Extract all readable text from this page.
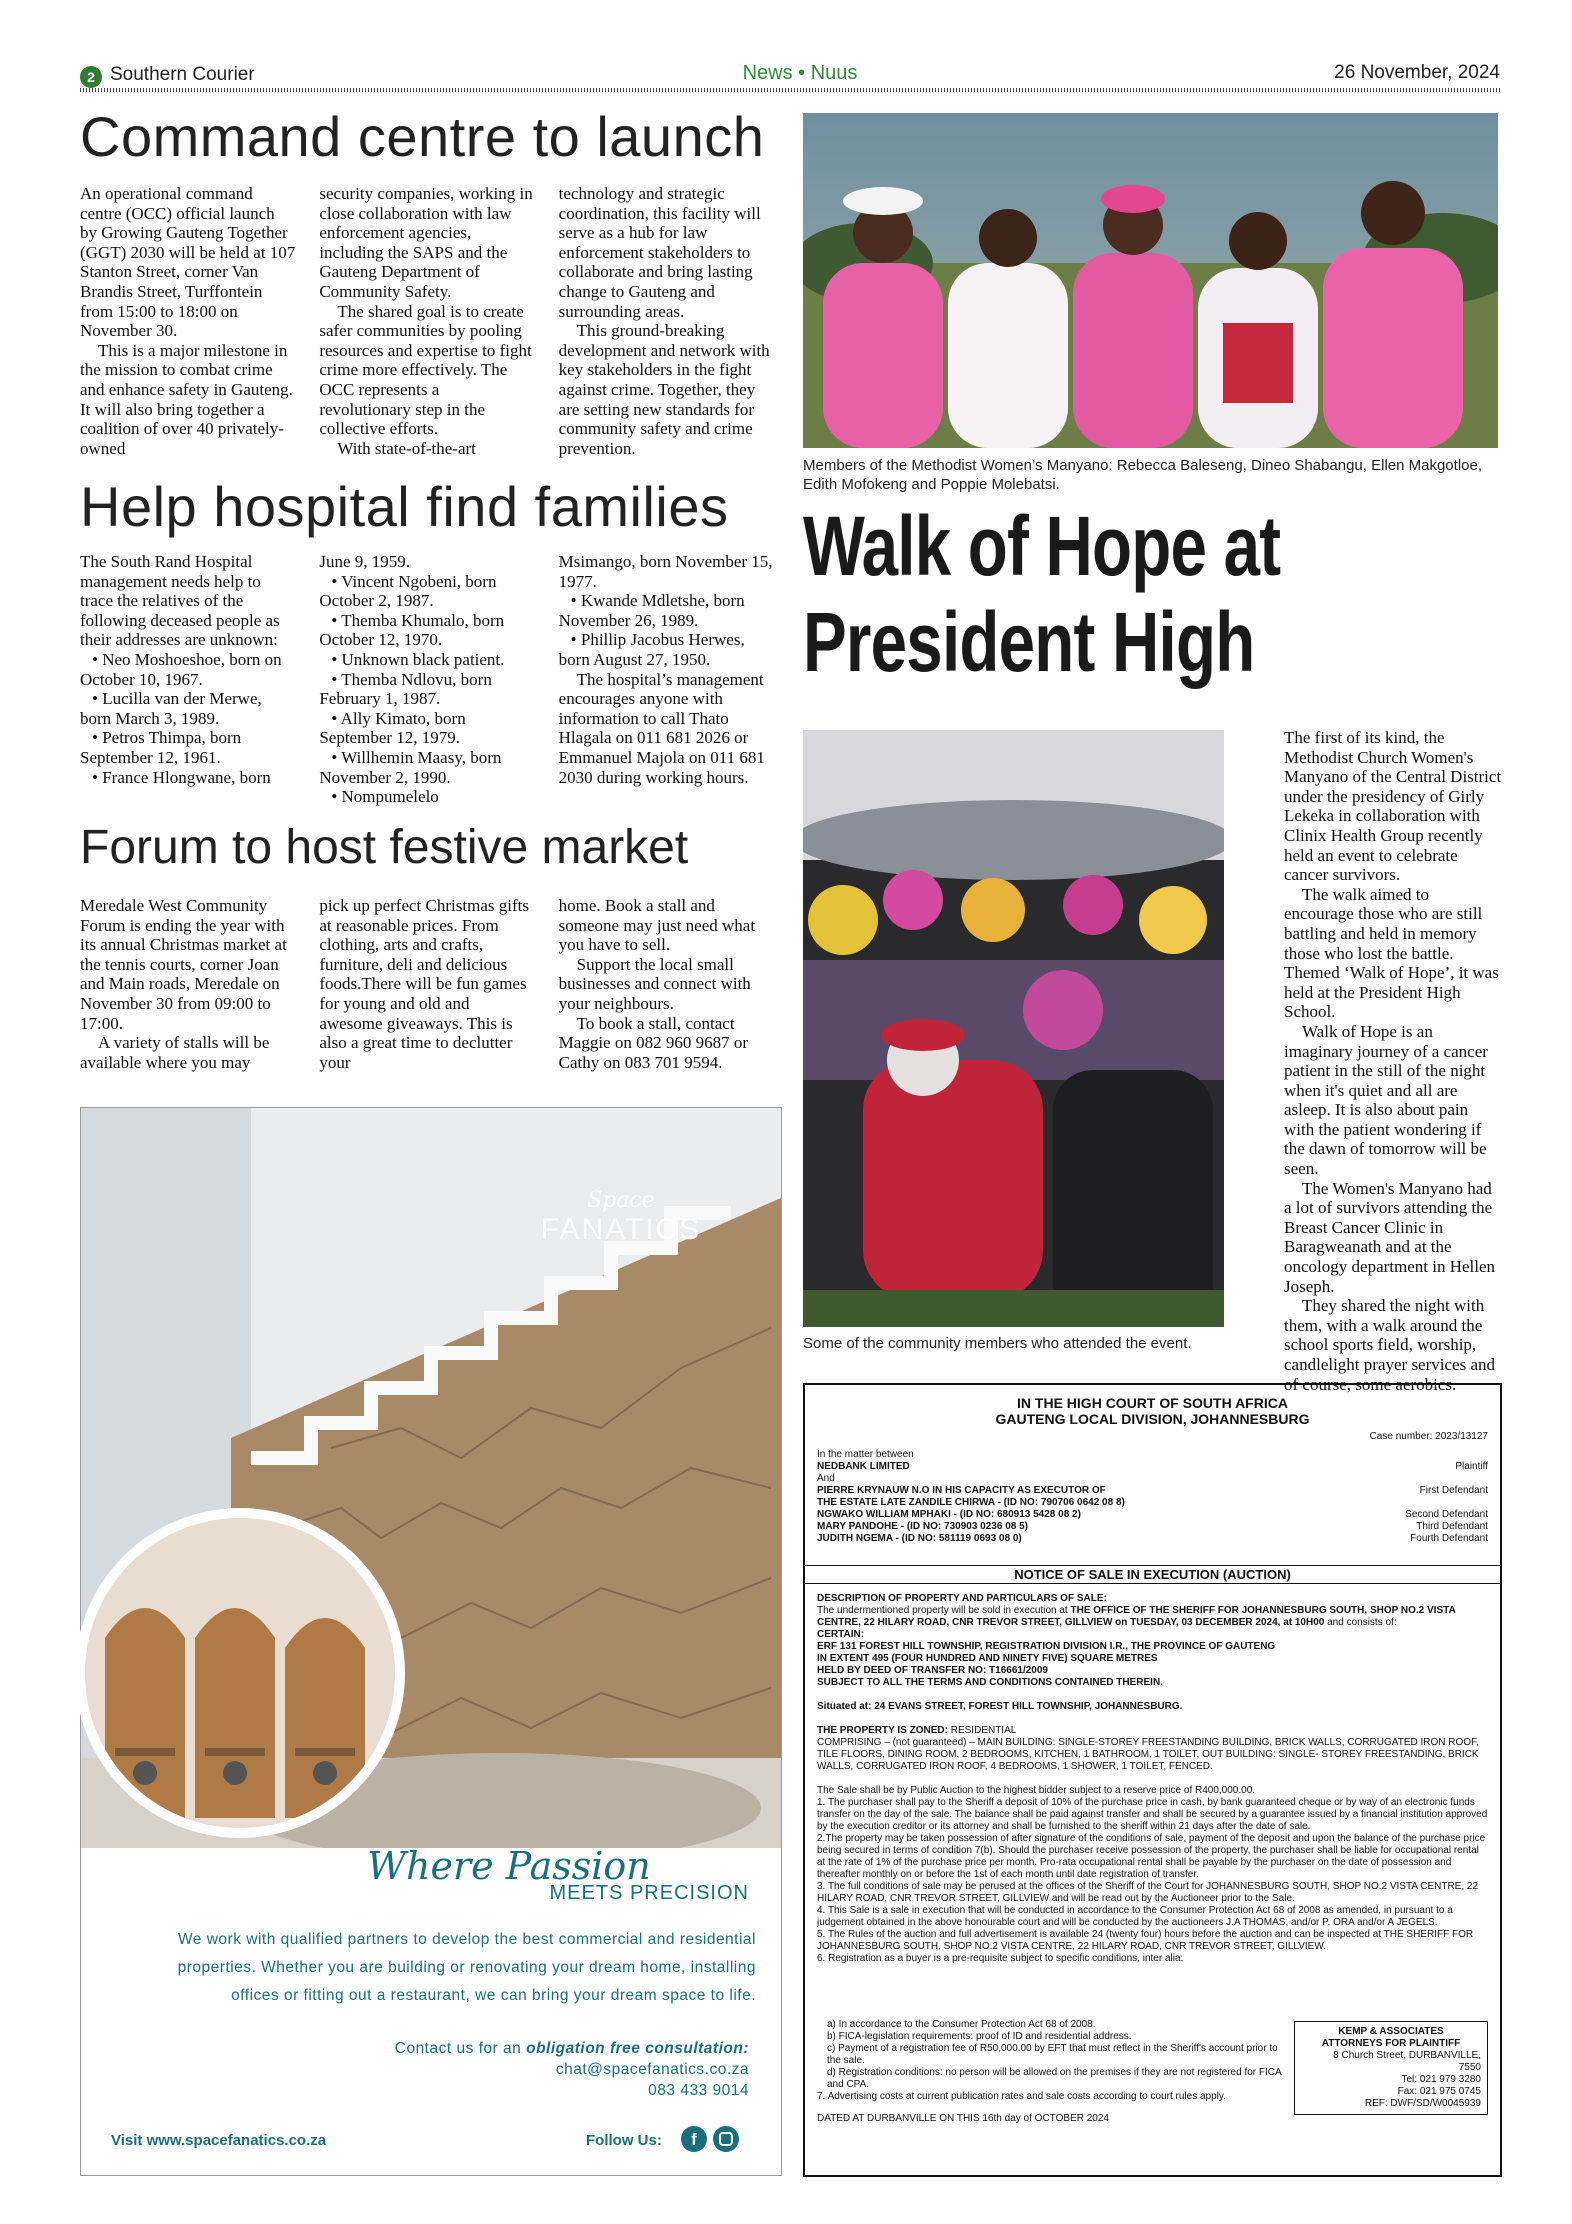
2 Southern Courier	News • Nuus	26 November, 2024
Command centre to launch

An operational command centre (OCC) official launch by Growing Gauteng Together (GGT) 2030 will be held at 107 Stanton Street, corner Van Brandis Street, Turffontein from 15:00 to 18:00 on November 30.

This is a major milestone in the mission to combat crime and enhance safety in Gauteng. It will also bring together a coalition of over 40 privately-owned

security companies, working in close collaboration with law enforcement agencies, including the SAPS and the Gauteng Department of Community Safety.

The shared goal is to create safer communities by pooling resources and expertise to fight crime more effectively. The OCC represents a revolutionary step in the collective efforts.

With state-of-the-art

technology and strategic coordination, this facility will serve as a hub for law enforcement stakeholders to collaborate and bring lasting change to Gauteng and surrounding areas.

This ground-breaking development and network with key stakeholders in the fight against crime. Together, they are setting new standards for community safety and crime prevention.

Help hospital find families

The South Rand Hospital management needs help to trace the relatives of the following deceased people as their addresses are unknown:

• Neo Moshoeshoe, born on October 10, 1967.

• Lucilla van der Merwe, born March 3, 1989.

• Petros Thimpa, born September 12, 1961.

• France Hlongwane, born

June 9, 1959.

• Vincent Ngobeni, born October 2, 1987.

• Themba Khumalo, born October 12, 1970.

• Unknown black patient.

• Themba Ndlovu, born February 1, 1987.

• Ally Kimato, born September 12, 1979.

• Willhemin Maasy, born November 2, 1990.

• Nompumelelo

Msimango, born November 15, 1977.

• Kwande Mdletshe, born November 26, 1989.

• Phillip Jacobus Herwes, born August 27, 1950.

The hospital’s management encourages anyone with information to call Thato Hlagala on 011 681 2026 or Emmanuel Majola on 011 681 2030 during working hours.

Forum to host festive market

Meredale West Community Forum is ending the year with its annual Christmas market at the tennis courts, corner Joan and Main roads, Meredale on November 30 from 09:00 to 17:00.

A variety of stalls will be available where you may

pick up perfect Christmas gifts at reasonable prices. From clothing, arts and crafts, furniture, deli and delicious foods.There will be fun games for young and old and awesome giveaways. This is also a great time to declutter your

home. Book a stall and someone may just need what you have to sell.

Support the local small businesses and connect with your neighbours.

To book a stall, contact Maggie on 082 960 9687 or Cathy on 083 701 9594.

Members of the Methodist Women’s Manyano: Rebecca Baleseng, Dineo Shabangu, Ellen Makgotloe, Edith Mofokeng and Poppie Molebatsi.
Walk of Hope at
President High
Some of the community members who attended the event.

The first of its kind, the Methodist Church Women's Manyano of the Central District under the presidency of Girly Lekeka in collaboration with Clinix Health Group recently held an event to celebrate cancer survivors.

The walk aimed to encourage those who are still battling and held in memory those who lost the battle. Themed ‘Walk of Hope’, it was held at the President High School.

Walk of Hope is an imaginary journey of a cancer patient in the still of the night when it's quiet and all are asleep. It is also about pain with the patient wondering if the dawn of tomorrow will be seen.

The Women's Manyano had a lot of survivors attending the Breast Cancer Clinic in Baragweanath and at the oncology department in Hellen Joseph.

They shared the night with them, with a walk around the school sports field, worship, candlelight prayer services and of course, some aerobics.

Space
FANATICS
Where Passion
MEETS PRECISION
We work with qualified partners to develop the best commercial and residential properties. Whether you are building or renovating your dream home, installing offices or fitting out a restaurant, we can bring your dream space to life.
Contact us for an obligation free consultation:
chat@spacefanatics.co.za
083 433 9014
Visit www.spacefanatics.co.za	Follow Us:	f
IN THE HIGH COURT OF SOUTH AFRICA
GAUTENG LOCAL DIVISION, JOHANNESBURG
Case number: 2023/13127
In the matter between
NEDBANK LIMITED	Plaintiff
And
PIERRE KRYNAUW N.O IN HIS CAPACITY AS EXECUTOR OF	First Defendant
THE ESTATE LATE ZANDILE CHIRWA - (ID NO: 790706 0642 08 8)
NGWAKO WILLIAM MPHAKI - (ID NO: 680913 5428 08 2)	Second Defendant
MARY PANDOHE - (ID NO: 730903 0236 08 5)	Third Defendant
JUDITH NGEMA - (ID NO: 581119 0693 08 0)	Fourth Defendant
NOTICE OF SALE IN EXECUTION (AUCTION)
DESCRIPTION OF PROPERTY AND PARTICULARS OF SALE:
The undermentioned property will be sold in execution at THE OFFICE OF THE SHERIFF FOR JOHANNESBURG SOUTH, SHOP NO.2 VISTA CENTRE, 22 HILARY ROAD, CNR TREVOR STREET, GILLVIEW on TUESDAY, 03 DECEMBER 2024, at 10H00 and consists of:
CERTAIN:
ERF 131 FOREST HILL TOWNSHIP, REGISTRATION DIVISION I.R., THE PROVINCE OF GAUTENG
IN EXTENT 495 (FOUR HUNDRED AND NINETY FIVE) SQUARE METRES
HELD BY DEED OF TRANSFER NO: T16661/2009
SUBJECT TO ALL THE TERMS AND CONDITIONS CONTAINED THEREIN.
Situated at: 24 EVANS STREET, FOREST HILL TOWNSHIP, JOHANNESBURG.
THE PROPERTY IS ZONED: RESIDENTIAL
COMPRISING – (not guaranteed) – MAIN BUILDING: SINGLE-STOREY FREESTANDING BUILDING, BRICK WALLS, CORRUGATED IRON ROOF, TILE FLOORS, DINING ROOM, 2 BEDROOMS, KITCHEN, 1 BATHROOM, 1 TOILET, OUT BUILDING: SINGLE- STOREY FREESTANDING, BRICK WALLS, CORRUGATED IRON ROOF, 4 BEDROOMS, 1 SHOWER, 1 TOILET, FENCED.
The Sale shall be by Public Auction to the highest bidder subject to a reserve price of R400,000.00.
1. The purchaser shall pay to the Sheriff a deposit of 10% of the purchase price in cash, by bank guaranteed cheque or by way of an electronic funds transfer on the day of the sale. The balance shall be paid against transfer and shall be secured by a guarantee issued by a financial institution approved by the execution creditor or its attorney and shall be furnished to the sheriff within 21 days after the date of sale.
2.The property may be taken possession of after signature of the conditions of sale, payment of the deposit and upon the balance of the purchase price being secured in terms of condition 7(b). Should the purchaser receive possession of the property, the purchaser shall be liable for occupational rental at the rate of 1% of the purchase price per month. Pro-rata occupational rental shall be payable by the purchaser on the date of possession and thereafter monthly on or before the 1st of each month until date registration of transfer.
3. The full conditions of sale may be perused at the offices of the Sheriff of the Court for JOHANNESBURG SOUTH, SHOP NO.2 VISTA CENTRE, 22 HILARY ROAD, CNR TREVOR STREET, GILLVIEW and will be read out by the Auctioneer prior to the Sale.
4. This Sale is a sale in execution that will be conducted in accordance to the Consumer Protection Act 68 of 2008 as amended, in pursuant to a judgement obtained in the above honourable court and will be conducted by the auctioneers J.A THOMAS, and/or P. ORA and/or A JEGELS.
5. The Rules of the auction and full advertisement is available 24 (twenty four) hours before the auction and can be inspected at THE SHERIFF FOR JOHANNESBURG SOUTH, SHOP NO.2 VISTA CENTRE, 22 HILARY ROAD, CNR TREVOR STREET, GILLVIEW.
6. Registration as a buyer is a pre-requisite subject to specific conditions, inter alia:
a) In accordance to the Consumer Protection Act 68 of 2008.
b) FICA-legislation requirements: proof of ID and residential address.
c) Payment of a registration fee of R50,000.00 by EFT that must reflect in the Sheriff's account prior to the sale.
d) Registration conditions: no person will be allowed on the premises if they are not registered for FICA and CPA.
7. Advertising costs at current publication rates and sale costs according to court rules apply.
DATED AT DURBANVILLE ON THIS 16th day of OCTOBER 2024
KEMP & ASSOCIATES
ATTORNEYS FOR PLAINTIFF
8 Church Street, DURBANVILLE,
7550
Tel: 021 979 3280
Fax: 021 975 0745
REF: DWF/SD/W0045939
